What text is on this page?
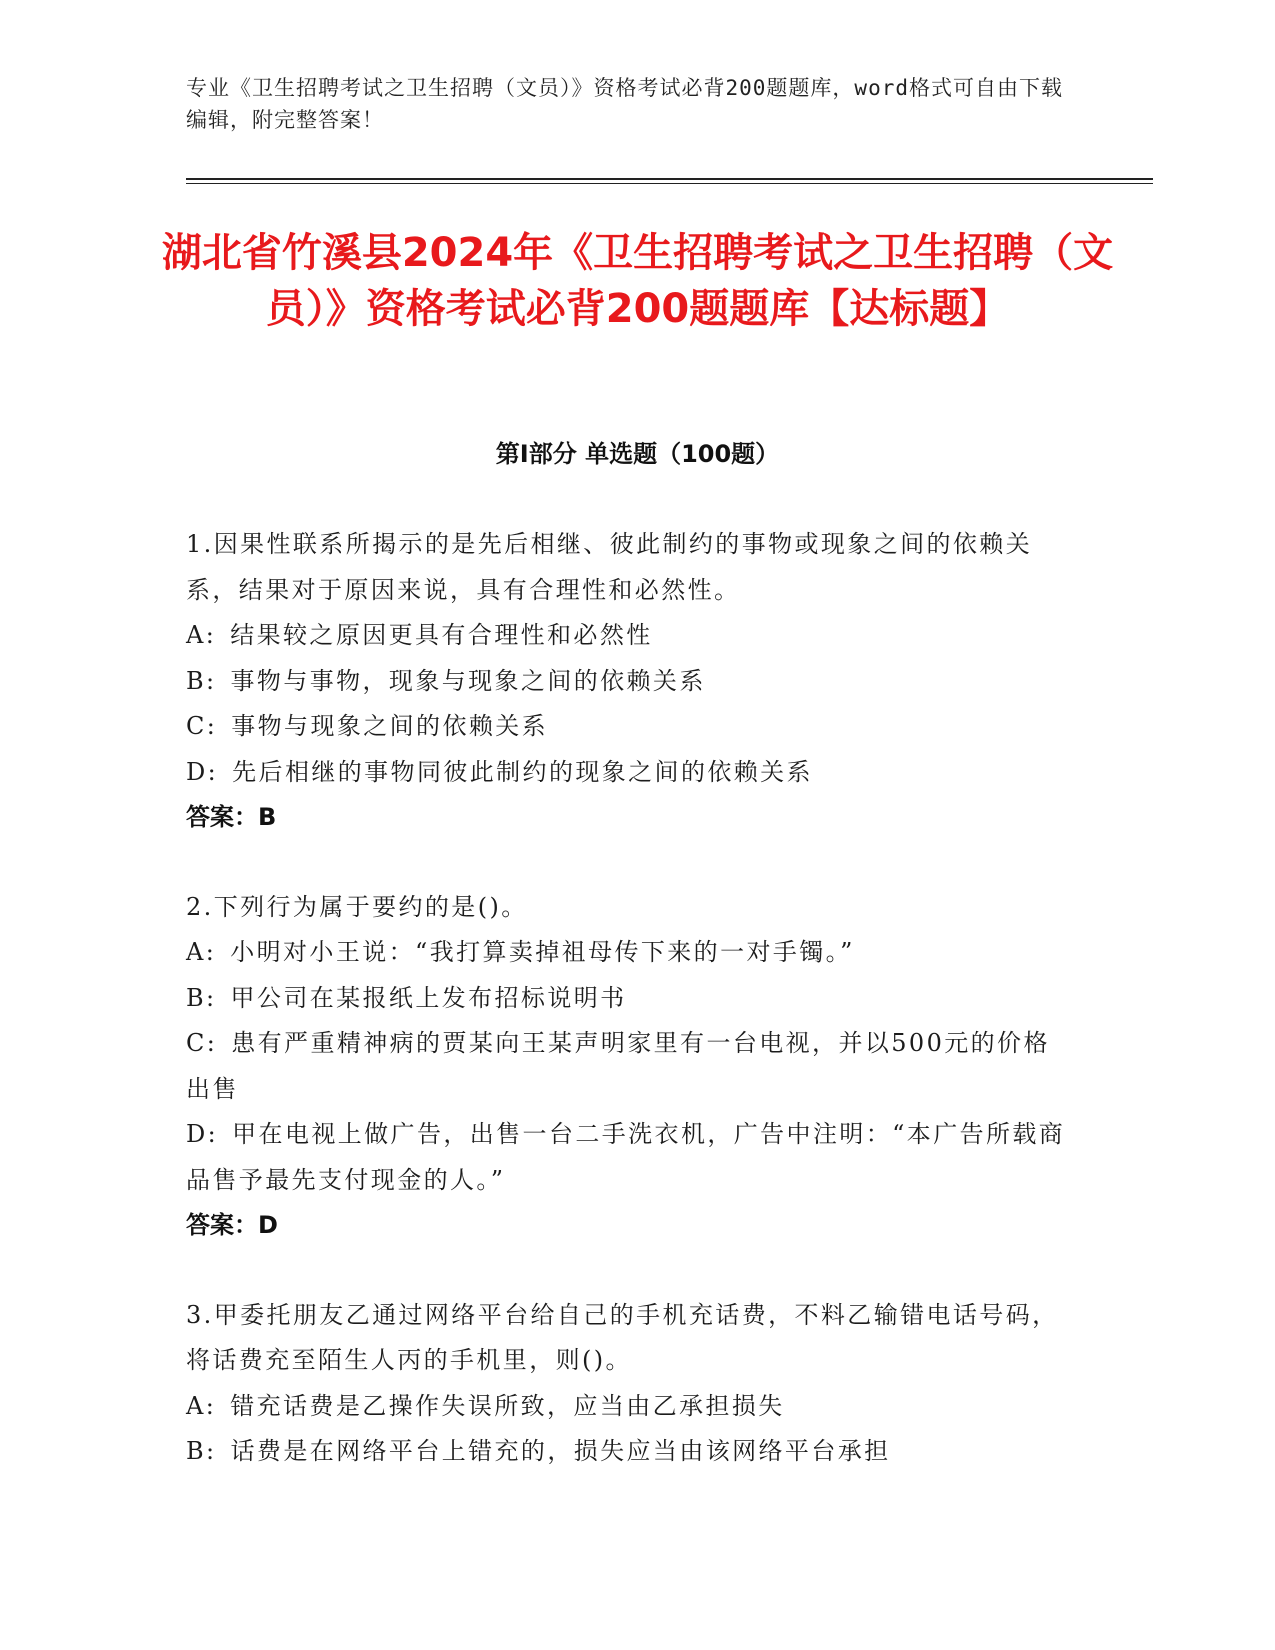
专业《卫生招聘考试之卫生招聘（文员）》资格考试必背200题题库，word格式可自由下载编辑，附完整答案！
湖北省竹溪县2024年《卫生招聘考试之卫生招聘（文员）》资格考试必背200题题库【达标题】
第Ⅰ部分 单选题（100题）
1.因果性联系所揭示的是先后相继、彼此制约的事物或现象之间的依赖关系，结果对于原因来说，具有合理性和必然性。
A: 结果较之原因更具有合理性和必然性
B: 事物与事物，现象与现象之间的依赖关系
C: 事物与现象之间的依赖关系
D: 先后相继的事物同彼此制约的现象之间的依赖关系
答案：B
2.下列行为属于要约的是()。
A: 小明对小王说：“我打算卖掉祖母传下来的一对手镯。”
B: 甲公司在某报纸上发布招标说明书
C: 患有严重精神病的贾某向王某声明家里有一台电视，并以500元的价格出售
D: 甲在电视上做广告，出售一台二手洗衣机，广告中注明：“本广告所载商品售予最先支付现金的人。”
答案：D
3.甲委托朋友乙通过网络平台给自己的手机充话费，不料乙输错电话号码，将话费充至陌生人丙的手机里，则()。
A: 错充话费是乙操作失误所致，应当由乙承担损失
B: 话费是在网络平台上错充的，损失应当由该网络平台承担
